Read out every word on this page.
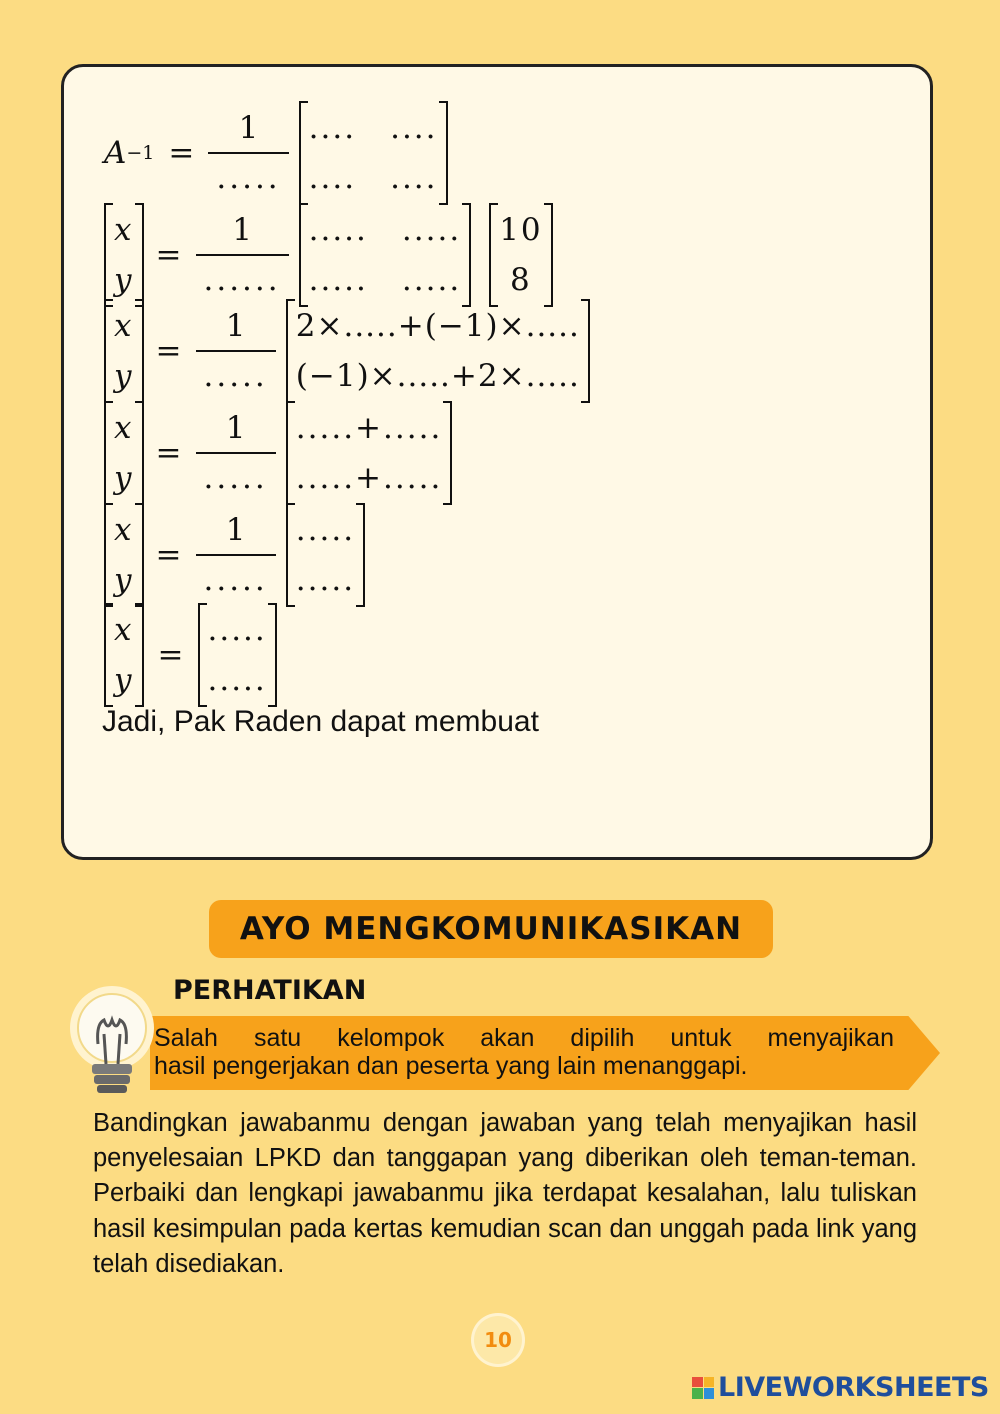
$A -1 = \frac{1}{.....}$ .... ....
.... ....
x
y
= $\frac{1}{......}$ ..... .....
..... .....
10
8
x
y
= $\frac{1}{.....} 2\times.....+(-1)\times$.....
(−1)×.....+2×.....
x
y
= $\frac{1}{.....}$ .....+.....
.....+.....
x
y
= $\frac{1}{.....}$ .....
.....
x
y
=
.....
.....
Jadi, Pak Raden dapat membuat
AYO MENGKOMUNIKASIKAN
PERHATIKAN
Salah satu kelompok akan dipilih untuk menyajikan
hasil pengerjakan dan peserta yang lain menanggapi.

Bandingkan jawabanmu dengan jawaban yang telah menyajikan hasil penyelesaian LPKD dan tanggapan yang diberikan oleh teman-teman. Perbaiki dan lengkapi jawabanmu jika terdapat kesalahan, lalu tuliskan hasil kesimpulan pada kertas kemudian scan dan unggah pada link yang telah disediakan.

10
LIVEWORKSHEETS
